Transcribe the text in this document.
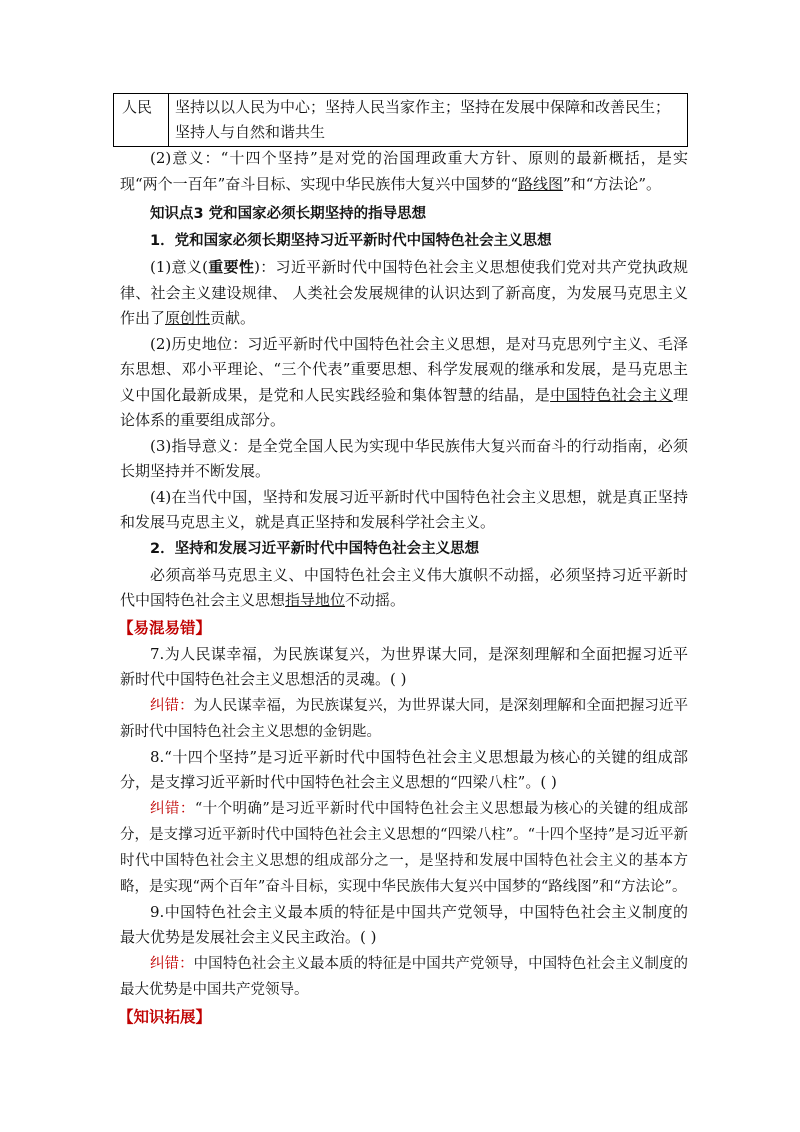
人民	坚持以以人民为中心；坚持人民当家作主；坚持在发展中保障和改善民生；坚持人与自然和谐共生

(2)意义：“十四个坚持”是对党的治国理政重大方针、原则的最新概括，是实现“两个一百年”奋斗目标、实现中华民族伟大复兴中国梦的“路线图”和“方法论”。

知识点3 党和国家必须长期坚持的指导思想

1．党和国家必须长期坚持习近平新时代中国特色社会主义思想

(1)意义(重要性)：习近平新时代中国特色社会主义思想使我们党对共产党执政规律、社会主义建设规律、 人类社会发展规律的认识达到了新高度，为发展马克思主义作出了原创性贡献。

(2)历史地位：习近平新时代中国特色社会主义思想，是对马克思列宁主义、毛泽东思想、邓小平理论、“三个代表”重要思想、科学发展观的继承和发展，是马克思主义中国化最新成果，是党和人民实践经验和集体智慧的结晶，是中国特色社会主义理论体系的重要组成部分。

(3)指导意义：是全党全国人民为实现中华民族伟大复兴而奋斗的行动指南，必须长期坚持并不断发展。

(4)在当代中国，坚持和发展习近平新时代中国特色社会主义思想，就是真正坚持和发展马克思主义，就是真正坚持和发展科学社会主义。

2．坚持和发展习近平新时代中国特色社会主义思想

必须高举马克思主义、中国特色社会主义伟大旗帜不动摇，必须坚持习近平新时代中国特色社会主义思想指导地位不动摇。

【易混易错】

7.为人民谋幸福，为民族谋复兴，为世界谋大同，是深刻理解和全面把握习近平新时代中国特色社会主义思想活的灵魂。( )

纠错：为人民谋幸福，为民族谋复兴，为世界谋大同，是深刻理解和全面把握习近平新时代中国特色社会主义思想的金钥匙。

8.“十四个坚持”是习近平新时代中国特色社会主义思想最为核心的关键的组成部分，是支撑习近平新时代中国特色社会主义思想的“四梁八柱”。( )

纠错：“十个明确”是习近平新时代中国特色社会主义思想最为核心的关键的组成部分，是支撑习近平新时代中国特色社会主义思想的“四梁八柱”。“十四个坚持”是习近平新时代中国特色社会主义思想的组成部分之一，是坚持和发展中国特色社会主义的基本方略，是实现“两个百年”奋斗目标，实现中华民族伟大复兴中国梦的“路线图”和“方法论”。

9.中国特色社会主义最本质的特征是中国共产党领导，中国特色社会主义制度的最大优势是发展社会主义民主政治。( )

纠错：中国特色社会主义最本质的特征是中国共产党领导，中国特色社会主义制度的最大优势是中国共产党领导。

【知识拓展】
